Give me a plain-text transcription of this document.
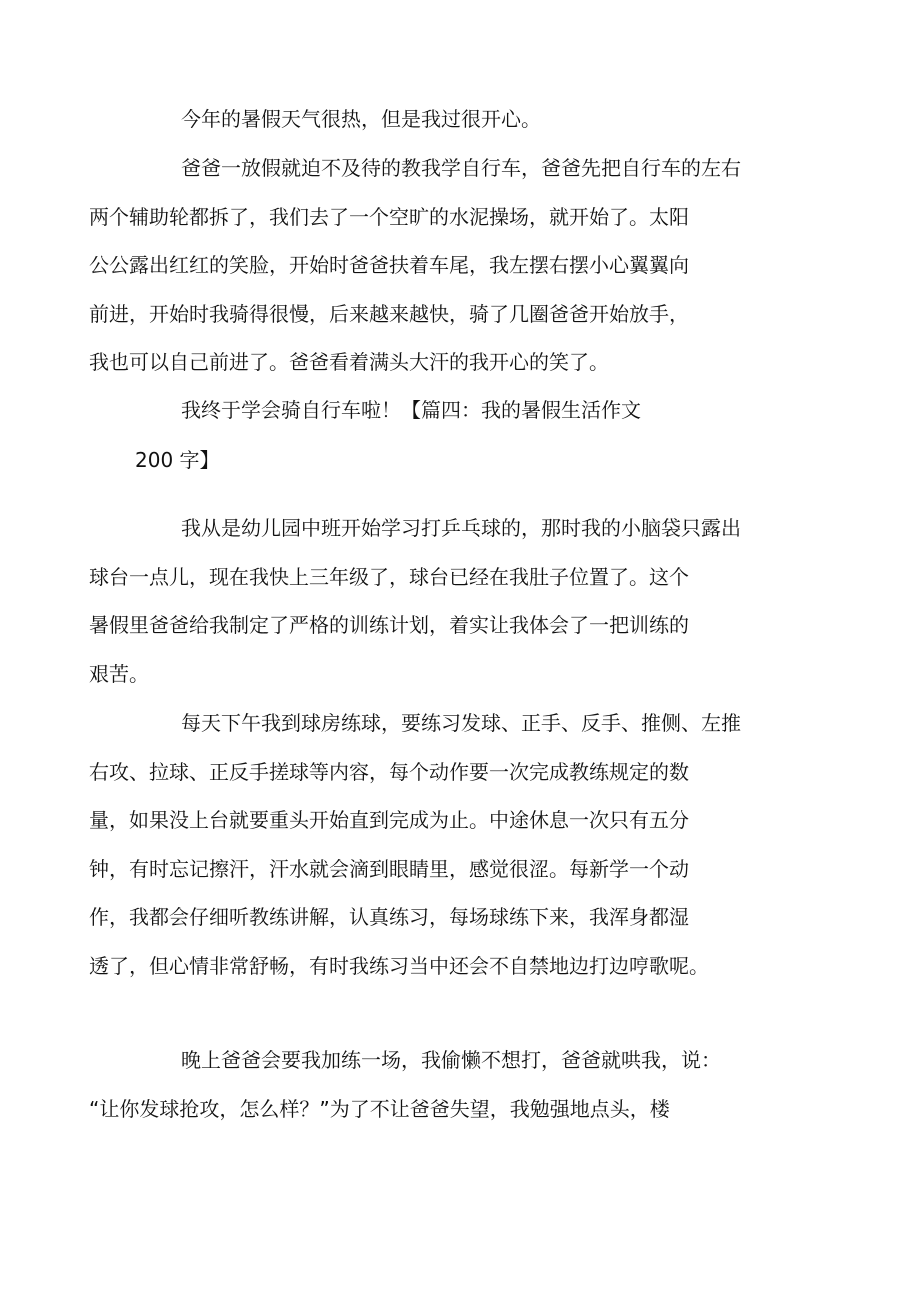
今年的暑假天气很热，但是我过很开心。

爸爸一放假就迫不及待的教我学自行车，爸爸先把自行车的左右
两个辅助轮都拆了，我们去了一个空旷的水泥操场，就开始了。太阳
公公露出红红的笑脸，开始时爸爸扶着车尾，我左摆右摆小心翼翼向
前进，开始时我骑得很慢，后来越来越快，骑了几圈爸爸开始放手，
我也可以自己前进了。爸爸看着满头大汗的我开心的笑了。

我终于学会骑自行车啦！【篇四：我的暑假生活作文

200 字】

我从是幼儿园中班开始学习打乒乓球的，那时我的小脑袋只露出
球台一点儿，现在我快上三年级了，球台已经在我肚子位置了。这个
暑假里爸爸给我制定了严格的训练计划，着实让我体会了一把训练的
艰苦。

每天下午我到球房练球，要练习发球、正手、反手、推侧、左推
右攻、拉球、正反手搓球等内容，每个动作要一次完成教练规定的数
量，如果没上台就要重头开始直到完成为止。中途休息一次只有五分
钟，有时忘记擦汗，汗水就会滴到眼睛里，感觉很涩。每新学一个动
作，我都会仔细听教练讲解，认真练习，每场球练下来，我浑身都湿
透了，但心情非常舒畅，有时我练习当中还会不自禁地边打边哼歌呢。

晚上爸爸会要我加练一场，我偷懒不想打，爸爸就哄我，说：
“让你发球抢攻，怎么样？”为了不让爸爸失望，我勉强地点头，楼
